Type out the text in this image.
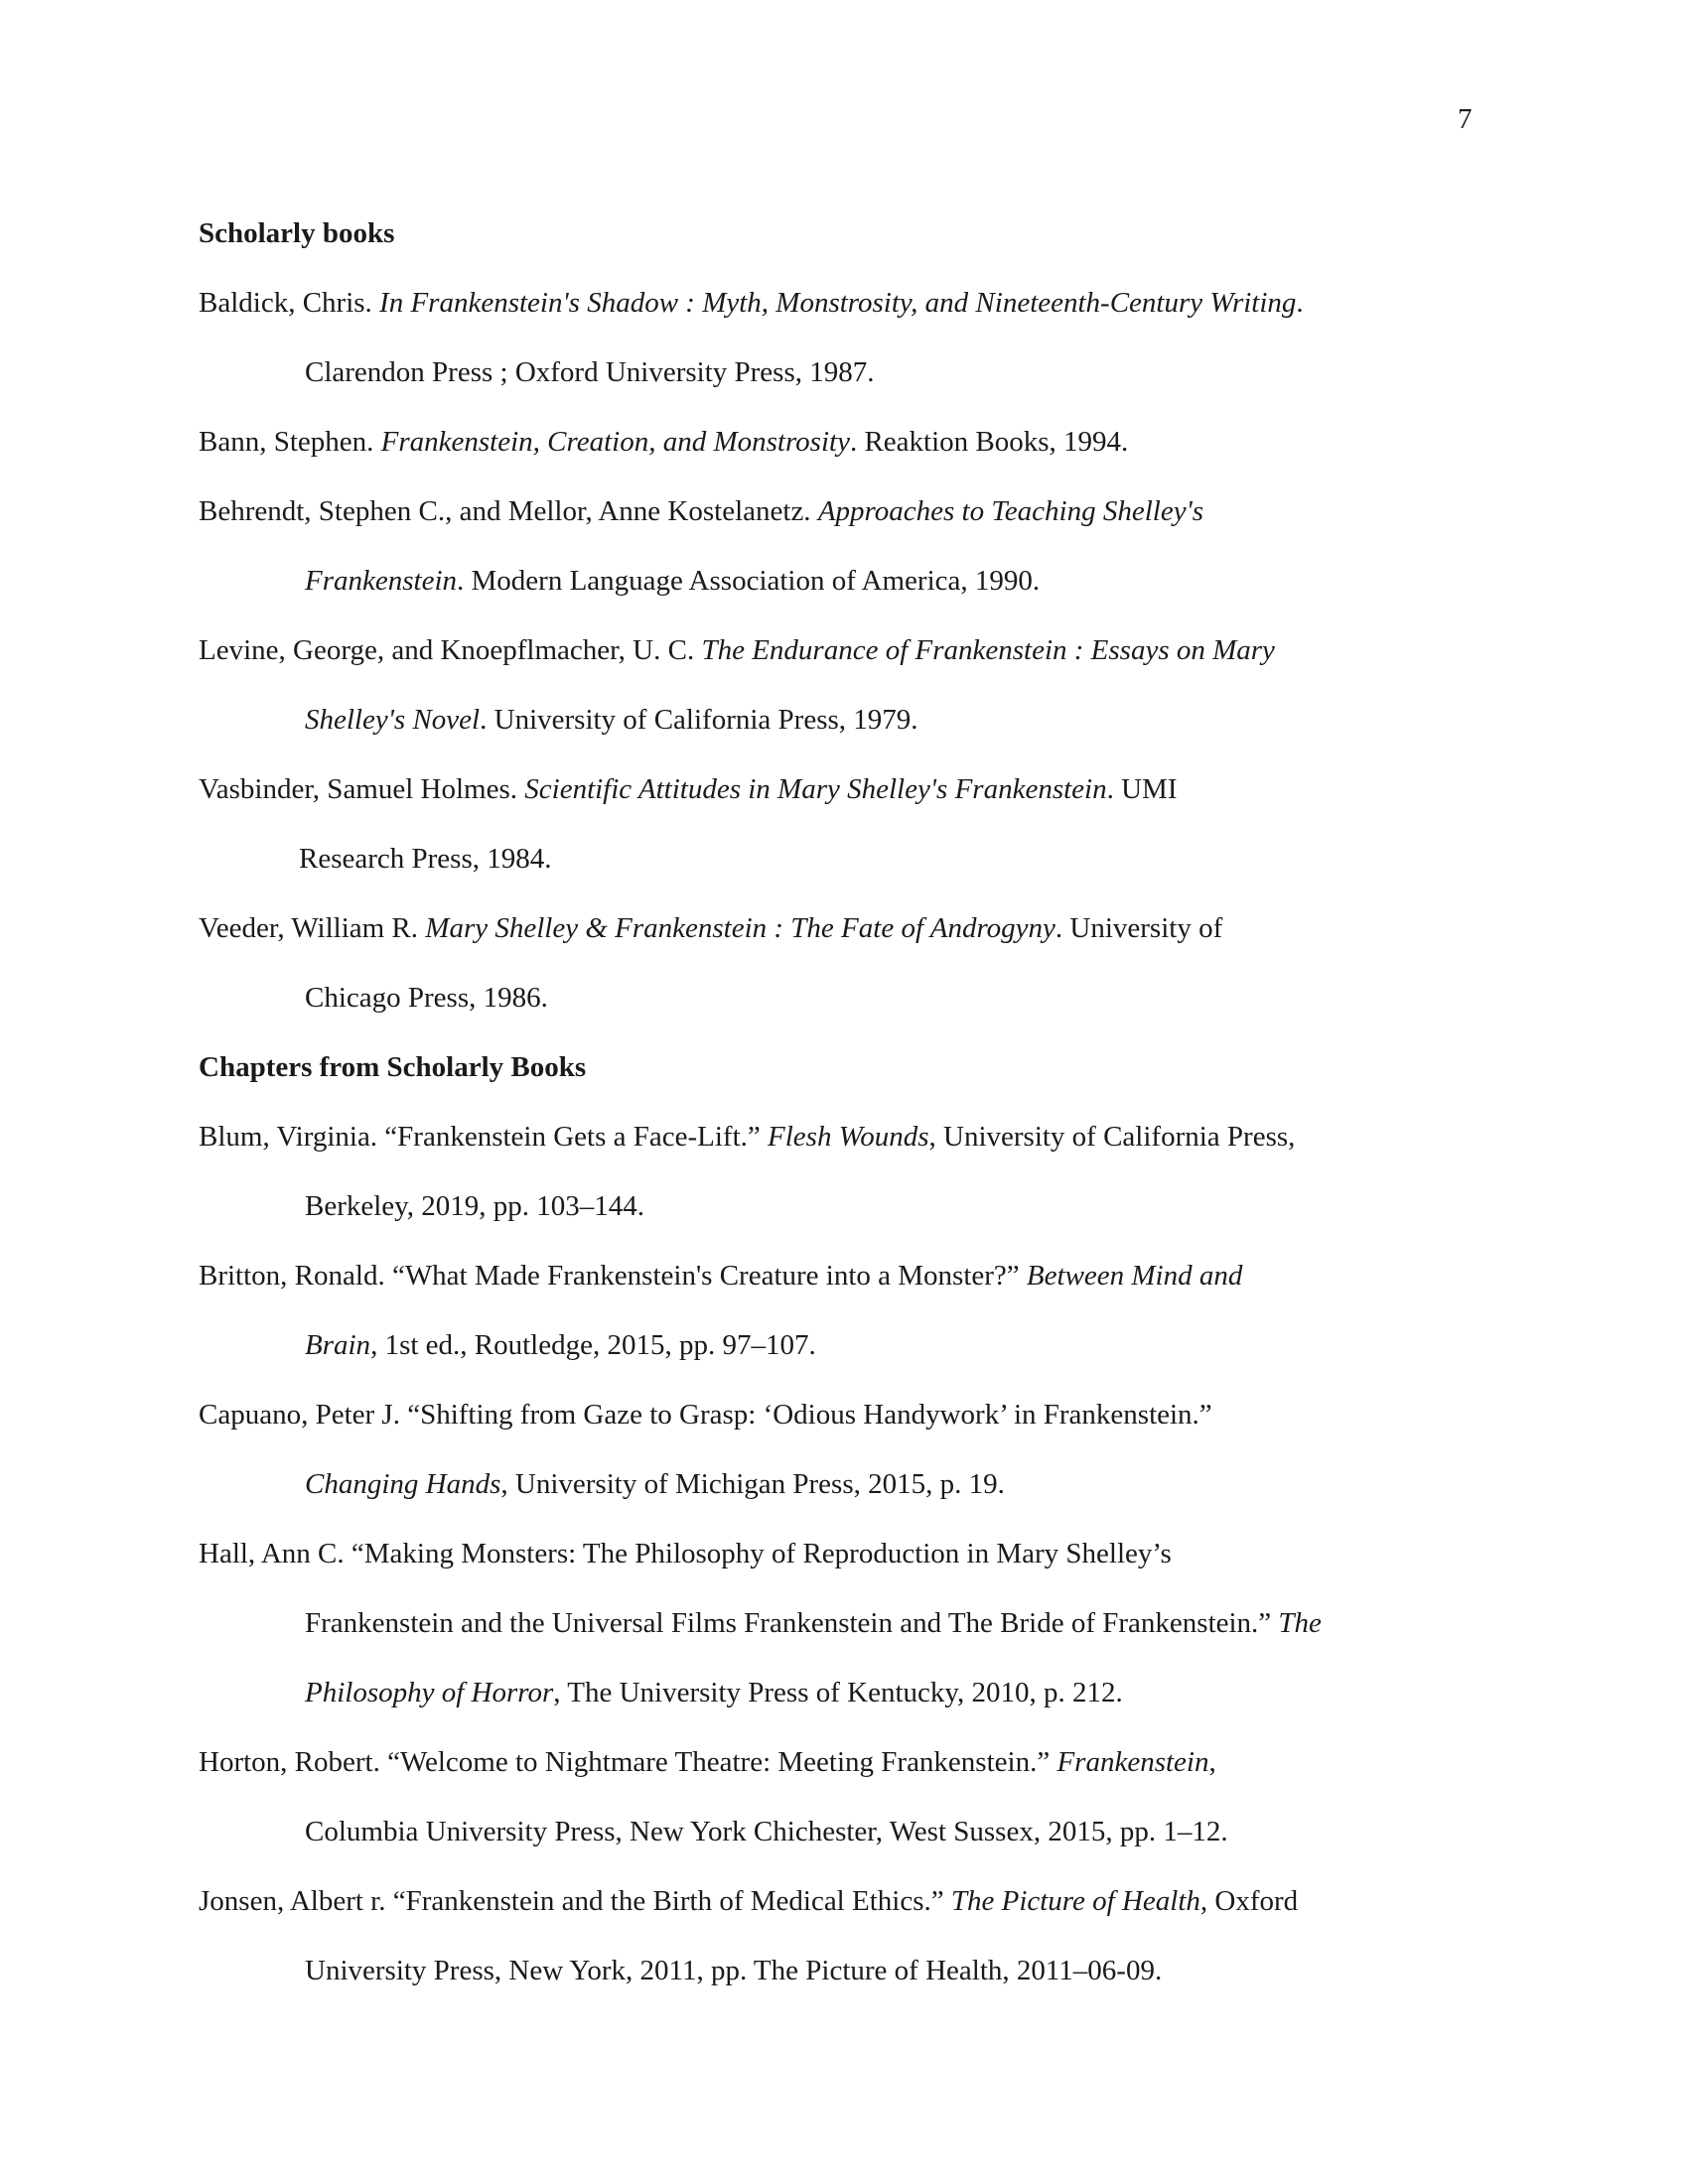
7
Scholarly books
Baldick, Chris. In Frankenstein's Shadow : Myth, Monstrosity, and Nineteenth-Century Writing.
Clarendon Press ; Oxford University Press, 1987.
Bann, Stephen. Frankenstein, Creation, and Monstrosity. Reaktion Books, 1994.
Behrendt, Stephen C., and Mellor, Anne Kostelanetz. Approaches to Teaching Shelley's
Frankenstein. Modern Language Association of America, 1990.
Levine, George, and Knoepflmacher, U. C. The Endurance of Frankenstein : Essays on Mary
Shelley's Novel. University of California Press, 1979.
Vasbinder, Samuel Holmes. Scientific Attitudes in Mary Shelley's Frankenstein. UMI
Research Press, 1984.
Veeder, William R. Mary Shelley & Frankenstein : The Fate of Androgyny. University of
Chicago Press, 1986.
Chapters from Scholarly Books
Blum, Virginia. “Frankenstein Gets a Face-Lift.” Flesh Wounds, University of California Press,
Berkeley, 2019, pp. 103–144.
Britton, Ronald. “What Made Frankenstein's Creature into a Monster?” Between Mind and
Brain, 1st ed., Routledge, 2015, pp. 97–107.
Capuano, Peter J. “Shifting from Gaze to Grasp: ‘Odious Handywork’ in Frankenstein.”
Changing Hands, University of Michigan Press, 2015, p. 19.
Hall, Ann C. “Making Monsters: The Philosophy of Reproduction in Mary Shelley’s
Frankenstein and the Universal Films Frankenstein and The Bride of Frankenstein.” The
Philosophy of Horror, The University Press of Kentucky, 2010, p. 212.
Horton, Robert. “Welcome to Nightmare Theatre: Meeting Frankenstein.” Frankenstein,
Columbia University Press, New York Chichester, West Sussex, 2015, pp. 1–12.
Jonsen, Albert r. “Frankenstein and the Birth of Medical Ethics.” The Picture of Health, Oxford
University Press, New York, 2011, pp. The Picture of Health, 2011–06-09.
